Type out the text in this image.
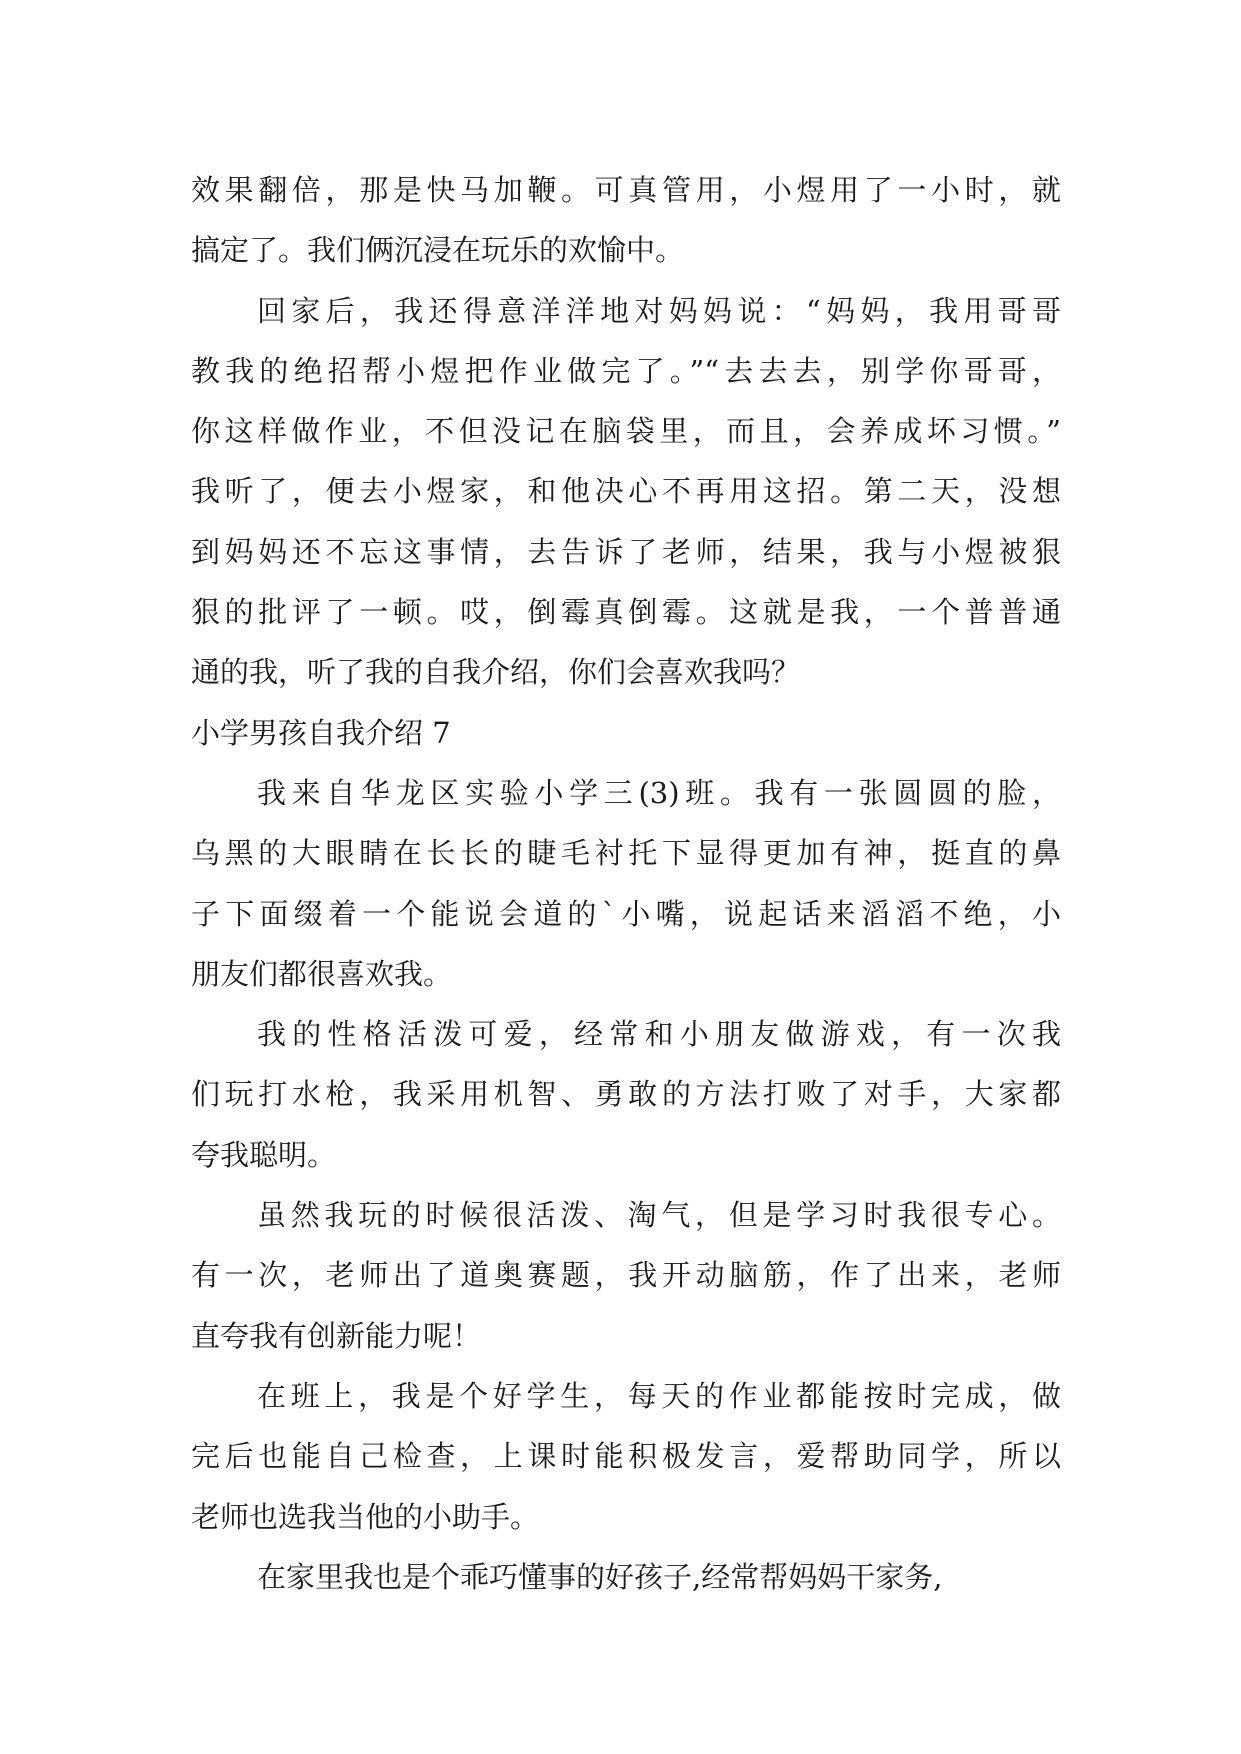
效果翻倍，那是快马加鞭。可真管用，小煜用了一小时，就
搞定了。我们俩沉浸在玩乐的欢愉中。
回家后，我还得意洋洋地对妈妈说：“妈妈，我用哥哥
教我的绝招帮小煜把作业做完了。”“去去去，别学你哥哥，
你这样做作业，不但没记在脑袋里，而且，会养成坏习惯。”
我听了，便去小煜家，和他决心不再用这招。第二天，没想
到妈妈还不忘这事情，去告诉了老师，结果，我与小煜被狠
狠的批评了一顿。哎，倒霉真倒霉。这就是我，一个普普通
通的我，听了我的自我介绍，你们会喜欢我吗？
小学男孩自我介绍 7
我来自华龙区实验小学三(3)班。我有一张圆圆的脸，
乌黑的大眼睛在长长的睫毛衬托下显得更加有神，挺直的鼻
子下面缀着一个能说会道的`小嘴，说起话来滔滔不绝，小
朋友们都很喜欢我。
我的性格活泼可爱，经常和小朋友做游戏，有一次我
们玩打水枪，我采用机智、勇敢的方法打败了对手，大家都
夸我聪明。
虽然我玩的时候很活泼、淘气，但是学习时我很专心。
有一次，老师出了道奥赛题，我开动脑筋，作了出来，老师
直夸我有创新能力呢！
在班上，我是个好学生，每天的作业都能按时完成，做
完后也能自己检查，上课时能积极发言，爱帮助同学，所以
老师也选我当他的小助手。
在家里我也是个乖巧懂事的好孩子,经常帮妈妈干家务,
